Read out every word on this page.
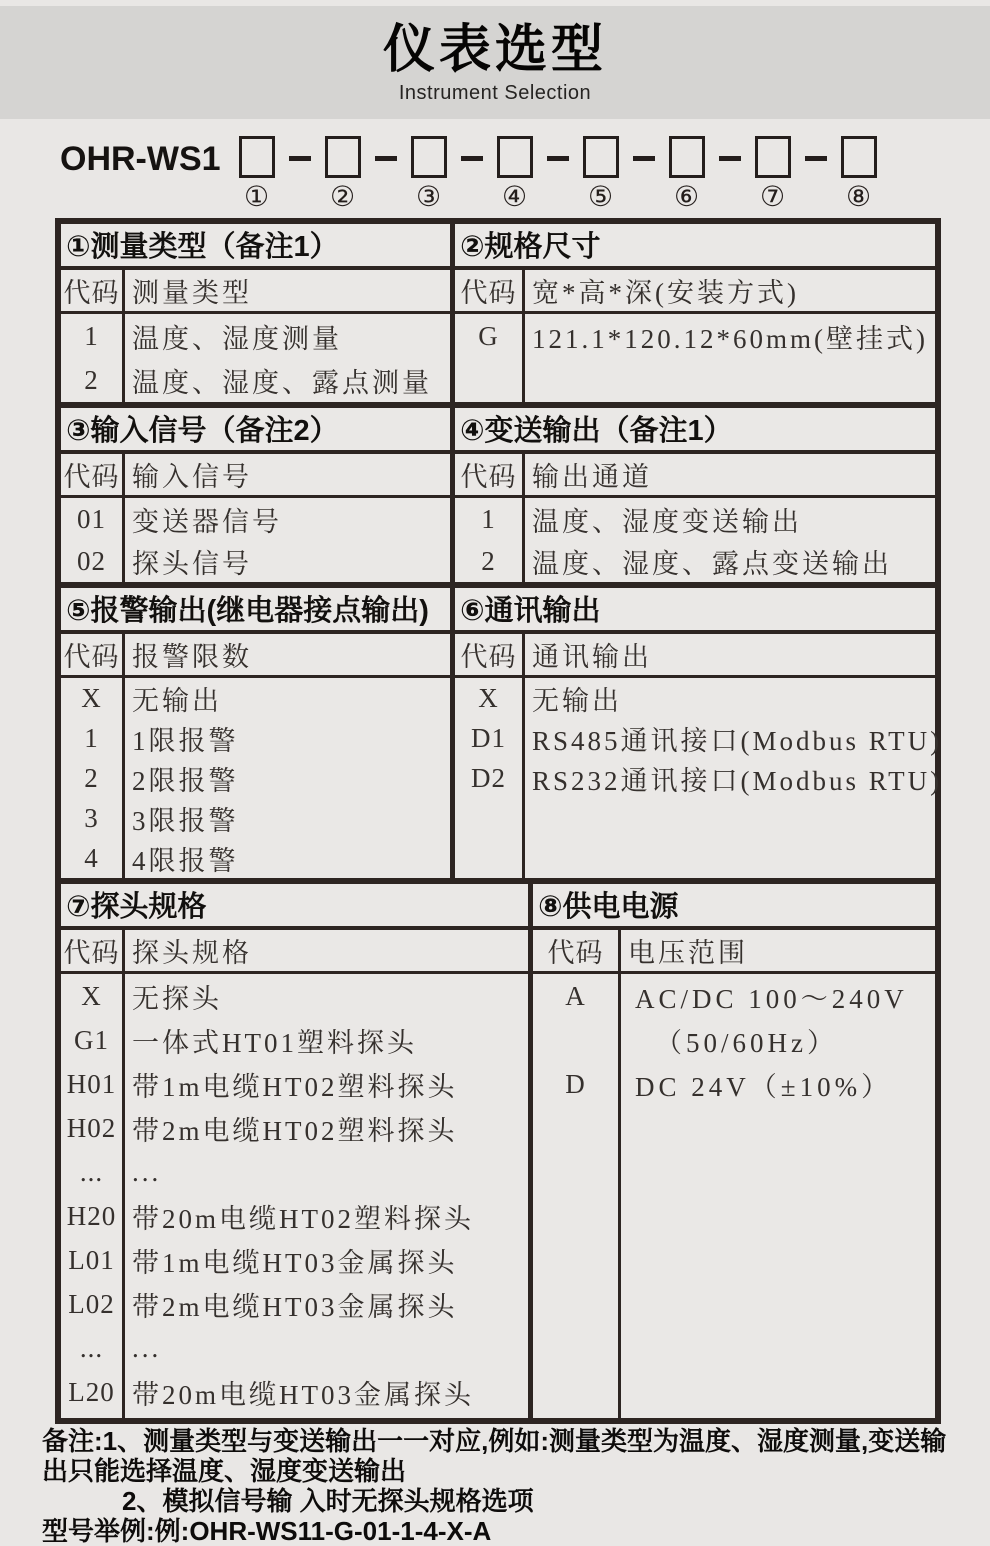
仪表选型
Instrument Selection
OHR-WS1
① ② ③ ④ ⑤ ⑥ ⑦ ⑧
①测量类型（备注1）
代码 测量类型
1
2
温度、湿度测量
温度、湿度、露点测量
②规格尺寸
代码 宽*高*深(安装方式)
G	121.1*120.12*60mm(壁挂式)
③输入信号（备注2）
代码 输入信号
01
02
变送器信号
探头信号
④变送输出（备注1）
代码 输出通道
1
2
温度、湿度变送输出
温度、湿度、露点变送输出
⑤报警输出(继电器接点输出)
代码 报警限数
X
1
2
3
4
无输出
1限报警
2限报警
3限报警
4限报警
⑥通讯输出
代码 通讯输出
X
D1
D2
无输出
RS485通讯接口(Modbus RTU)
RS232通讯接口(Modbus RTU)
⑦探头规格
代码 探头规格
X
G1
H01
H02
...
H20
L01
L02
...
L20
无探头
一体式HT01塑料探头
带1m电缆HT02塑料探头
带2m电缆HT02塑料探头
...
带20m电缆HT02塑料探头
带1m电缆HT03金属探头
带2m电缆HT03金属探头
...
带20m电缆HT03金属探头
⑧供电电源
代码 电压范围
A
D
AC/DC 100～240V
（50/60Hz）
DC 24V（±10%）
备注:1、测量类型与变送输出一一对应,例如:测量类型为温度、湿度测量,变送输
出只能选择温度、湿度变送输出
2、模拟信号输 入时无探头规格选项
型号举例:例:OHR-WS11-G-01-1-4-X-A
